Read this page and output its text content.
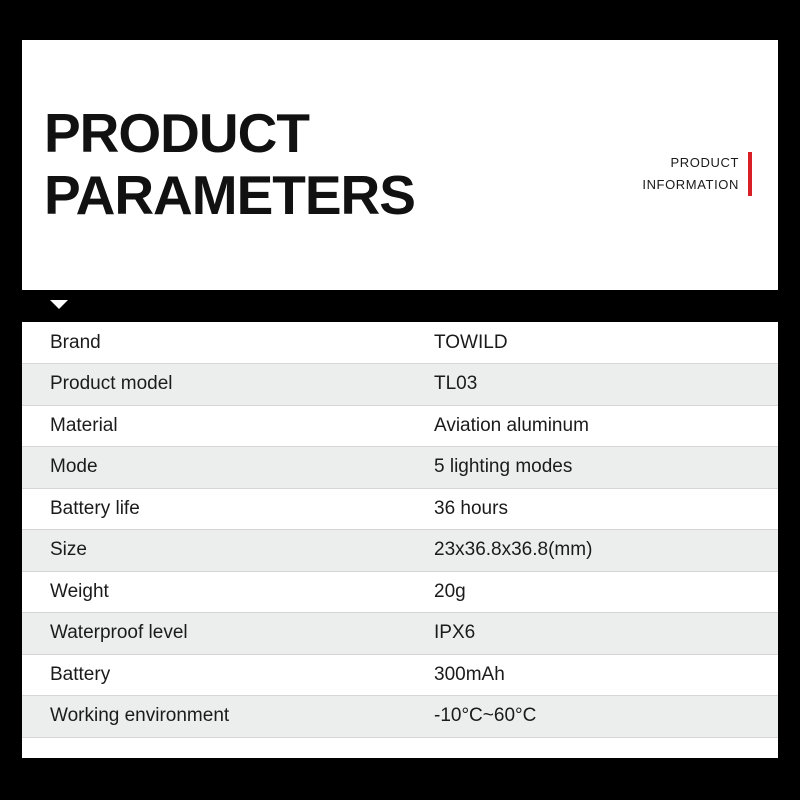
PRODUCT
PARAMETERS
PRODUCT
INFORMATION
Brand	TOWILD
Product model	TL03
Material	Aviation aluminum
Mode	5 lighting modes
Battery life	36 hours
Size	23x36.8x36.8(mm)
Weight	20g
Waterproof level	IPX6
Battery	300mAh
Working environment	-10°C~60°C
